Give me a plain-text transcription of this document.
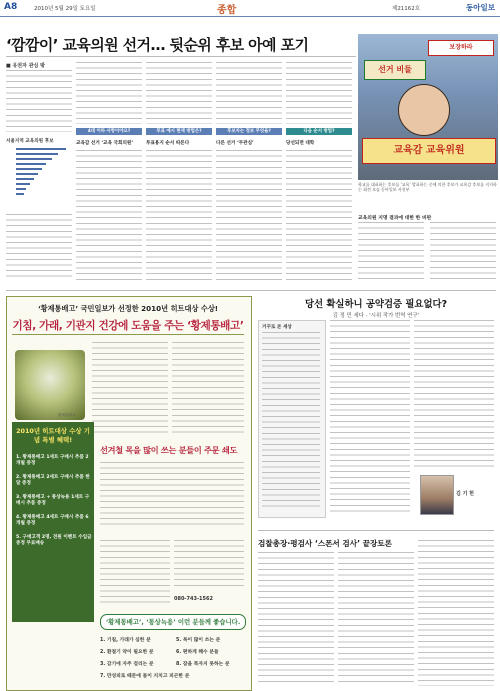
A8	2010년 5월 29일 토요일	종합	제21162호	동아일보
‘깜깜이’ 교육의원 선거… 뒷순위 후보 아예 포기
■ 유권자 관심 밖
서울지역 교육의원 후보
4대 이하 사항이야요?	투표 예시 현재 방법은?	후보자는 정보 무엇을?	다음 순서 방법?
교육감 선거 ‘교육 국회의원’	투표용지 순서 따른다	다른 선거 ‘무관심’	당선되면 대학
보장하라
선거 비둘
교육감 교육위원
학교를 대표하는 후보를 ‘교육’ 발표하는 중에 의한 후보가 교육감 후보를 지지하는 회견 모습 동아일보 사진부
교육의원 지명 결과에 대한 한 비판
‘황제통배고’ 국민일보가 선정한 2010년 히트대상 수상!
기침, 가래, 기관지 건강에 도움을 주는 ‘황제통배고’
황제통배고
2010년 히트대상 수상 기념 특별 혜택!
1. 황제통배고 1세트 구매시 추품 2개월 증정
2. 황제통배고 2세트 구매시 추품 한 달 증정
3. 황제통배고 + 통상녹용 1세트 구매시 추품 증정
4. 황제통배고 4세트 구매시 추품 6개월 증정
5. 구매고객 2명, 전원 이벤트 수입금 증정 무료배송
선겨철 목을 많이 쓰는 분들이 주문 쇄도
080-743-1562
‘황제통배고’, ‘통상녹용’ 이런 분들께 좋습니다.
1. 기침, 가래가 심한 분	5. 목이 많이 쓰는 분
2. 환절기 약이 필요한 분	6. 편하게 해수 분들
3. 감기에 자주 걸리는 분	8. 잠을 푹자지 못하는 분
7. 만성피로 때문에 몸이 지치고 피곤한 분
당선 확실하니 공약검증 필요없다?
김 정 민 세다 · ‘시위 작가 번역 연구’
거꾸로 본 세상
김 기 헌
검찰총장·평검사 ‘스폰서 검사’ 끝장토론
